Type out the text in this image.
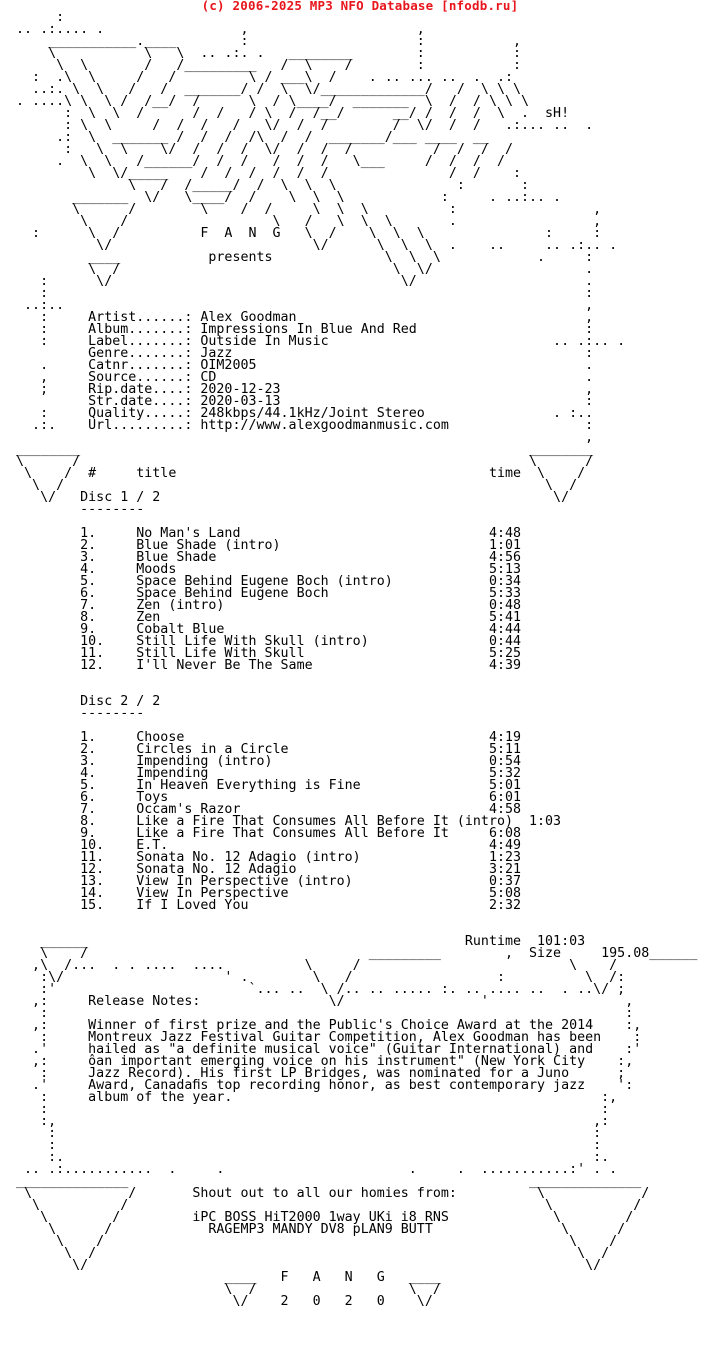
(c) 2006-2025 MP3 NFO Database [nfodb.ru]
:
.. .:.... .                 ,                     ,
___________.____        :                     :           ,
\           \   \  .. .:. .   ________        :           :
\  \       /   /_________   /  \    /        :           :
:  .\  \     /   /         \ / ___\  /    . .. ... ..  .  .:
..:. \  \   /   /  _______/ /  \  \/_____________/   /  \ \ \
. ....\ \  \ /  /__/  /      \  / \____/  _______  \  /  / \ \ \
:  \  \  /      /  /   / \  /  /__/      __/ /  /  /  \  .  sH!
: \  \     /  /  /   /   \/  /  /        /  \/  /  /   .:... ..  .
.:  \  _______ /  /  /  /\  /  /  _______/___ ____  __
:   \  \    \/  /  /  /  \/  /  /  /          /  /  /  /
.  \  \   /______/  /  /   /  /  /   \___     /  /  /  /
\  \/_____    /  /  /  /  /  /               /  /    :
\   /  /_____/  /  \  \  \               :       :
_______  \/   \____/  /    \  \  \            :     . ..:.. .
\      /        \    /  /     \  \  \          :                 ,
\    /                  \   /   \  \  \       .                 ,
:      \  /          F  A  N  G   \  /    \  \  \               :     :
\/                         \/      \  \  \  .    ..     .. .:.. .
____           presents              \  \  \            .     :
\  /                                  \  \/                   .
:      \/                                    \/                     .
:                                                                   :
..:..                                                                 ,
:     Artist......: Alex Goodman                                    ,
:     Album.......: Impressions In Blue And Red                     :
:     Label.......: Outside In Music                            .. .:.. .
Genre.......: Jazz                                            :
.     Catnr.......: OIM2005                                         .
,     Source......: CD                                              .
;     Rip.date....: 2020-12-23                                      ,
Str.date....: 2020-03-13                                      :
:     Quality.....: 248kbps/44.1kHz/Joint Stereo                . :..
.:.    Url.........: http://www.alexgoodmanmusic.com                 :
,
________                                                        ________
\      /                                                        \      /
\    /  #     title                                       time  \    /
\  /                                                            \  /
\/   Disc 1 / 2                                                 \/
--------

1.     No Man's Land                               4:48
2.     Blue Shade (intro)                          1:01
3.     Blue Shade                                  4:56
4.     Moods                                       5:13
5.     Space Behind Eugene Boch (intro)            0:34
6.     Space Behind Eugene Boch                    5:33
7.     Zen (intro)                                 0:48
8.     Zen                                         5:41
9.     Cobalt Blue                                 4:44
10.    Still Life With Skull (intro)               0:44
11.    Still Life With Skull                       5:25
12.    I'll Never Be The Same                      4:39

Disc 2 / 2
--------

1.     Choose                                      4:19
2.     Circles in a Circle                         5:11
3.     Impending (intro)                           0:54
4.     Impending                                   5:32
5.     In Heaven Everything is Fine                5:01
6.     Toys                                        6:01
7.     Occam's Razor                               4:58
8.     Like a Fire That Consumes All Before It (intro)  1:03
9.     Like a Fire That Consumes All Before It     6:08
10.    E.T.                                        4:49
11.    Sonata No. 12 Adagio (intro)                1:23
12.    Sonata No. 12 Adagio                        3:21
13.    View In Perspective (intro)                 0:37
14.    View In Perspective                         5:08
15.    If I Loved You                              2:32

______                                               Runtime  101:03
\    /                                   _________        ,  Size     195.08______
,\  /...  . . ....  ....          \     /                          \    /
:\/                    ' .        \   /                  :          \  /:
:'                        `... ..  \ /.. .. ..... :. .. .... ..  . ..\/ ;
,:     Release Notes:                \/                 '                 ,
:                                                                        :
,:     Winner of first prize and the Public's Choice Award at the 2014    :,
:     Montreux Jazz Festival Guitar Competition, Alex Goodman has been    :
.'     hailed as "a definite musical voice" (Guitar International) and    :'
,:     ôan important emerging voice on his instrument" (New York City    :,
:     Jazz Record). His first LP Bridges, was nominated for a Juno      ;
.'     Award, Canadaﬁs top recording honor, as best contemporary jazz    ':
:     album of the year.                                              :,
:                                                                     :
:,                                                                   ,:
:                                                                   :
:                                                                   :
:.                                                                  :.
.. .:...........  .     .                       .     .  ...........:' . .
______________                                                  ______________
\            /       Shout out to all our homies from:          \            /
\          /                                                    \          /
\        /         iPC BOSS HiT2000 1way UKi i8 RNS             \        /
\      /            RAGEMP3 MANDY DV8 pLAN9 BUTT                \      /
\    /                                                          \    /
\  /                                                            \  /
\/                                                              \/
____   F   A   N   G   ____
\  /                   \  /
\/    2   0   2   0    \/
